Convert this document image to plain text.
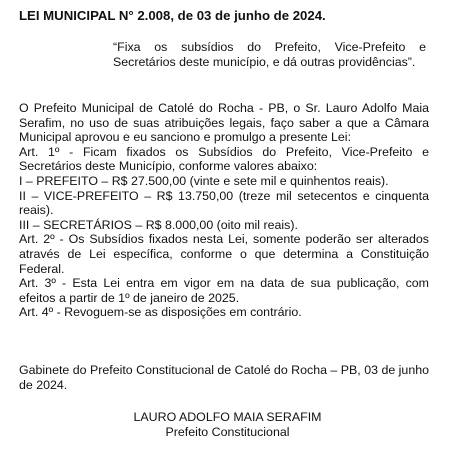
LEI MUNICIPAL N° 2.008, de 03 de junho de 2024.
“Fixa os subsídios do Prefeito, Vice-Prefeito e Secretários deste município, e dá outras providências”.

O Prefeito Municipal de Catolé do Rocha - PB, o Sr. Lauro Adolfo Maia Serafim, no uso de suas atribuições legais, faço saber a que a Câmara Municipal aprovou e eu sanciono e promulgo a presente Lei:

Art. 1º - Ficam fixados os Subsídios do Prefeito, Vice-Prefeito e Secretários deste Município, conforme valores abaixo:

I – PREFEITO – R$ 27.500,00 (vinte e sete mil e quinhentos reais).

II – VICE-PREFEITO – R$ 13.750,00 (treze mil setecentos e cinquenta reais).

III – SECRETÁRIOS – R$ 8.000,00 (oito mil reais).

Art. 2º - Os Subsídios fixados nesta Lei, somente poderão ser alterados através de Lei específica, conforme o que determina a Constituição Federal.

Art. 3º - Esta Lei entra em vigor em na data de sua publicação, com efeitos a partir de 1º de janeiro de 2025.

Art. 4º - Revoguem-se as disposições em contrário.

Gabinete do Prefeito Constitucional de Catolé do Rocha – PB, 03 de junho de 2024.
LAURO ADOLFO MAIA SERAFIM
Prefeito Constitucional
